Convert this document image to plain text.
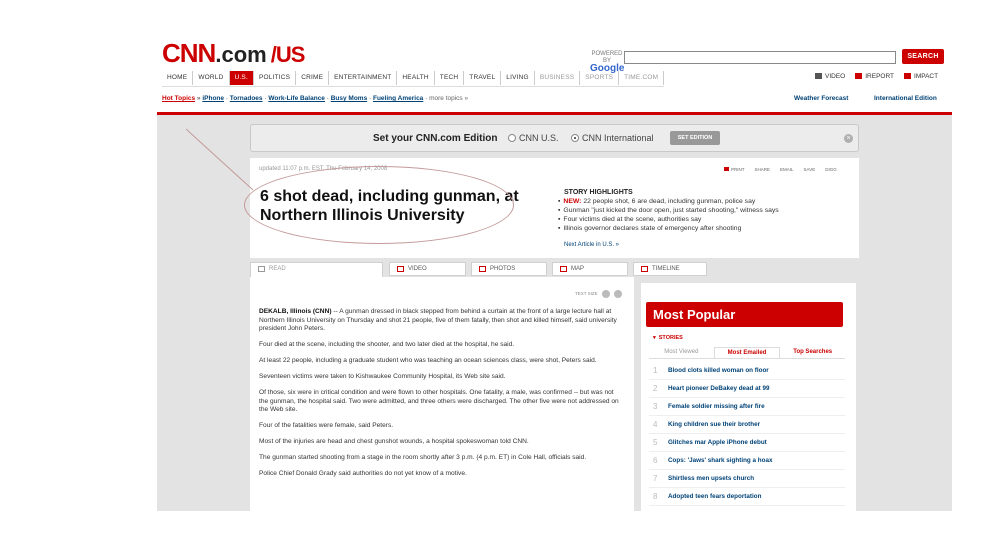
CNN.com /US	POWERED BY
Google
SEARCH
HOME	WORLD	U.S.	POLITICS	CRIME	ENTERTAINMENT	HEALTH	TECH	TRAVEL	LIVING	BUSINESS	SPORTS	TIME.COM	VIDEO	IREPORT	IMPACT
Hot Topics » iPhone · Tornadoes · Work-Life Balance · Busy Moms · Fueling America · more topics »	Weather Forecast	International Edition
Set your CNN.com Edition CNN U.S.	CNN International	SET EDITION	×
updated 11:07 p.m. EST, Thu February 14, 2008
6 shot dead, including gunman, at Northern Illinois University
PRINT SHARE EMAIL SAVE DIGG
STORY HIGHLIGHTS
▪ NEW: 22 people shot, 6 are dead, including gunman, police say
▪ Gunman "just kicked the door open, just started shooting," witness says
▪ Four victims died at the scene, authorities say
▪ Illinois governor declares state of emergency after shooting
Next Article in U.S. »
READ	VIDEO	PHOTOS	MAP	TIMELINE
TEXT SIZE

DEKALB, Illinois (CNN) -- A gunman dressed in black stepped from behind a curtain at the front of a large lecture hall at Northern Illinois University on Thursday and shot 21 people, five of them fatally, then shot and killed himself, said university president John Peters.

Four died at the scene, including the shooter, and two later died at the hospital, he said.

At least 22 people, including a graduate student who was teaching an ocean sciences class, were shot, Peters said.

Seventeen victims were taken to Kishwaukee Community Hospital, its Web site said.

Of those, six were in critical condition and were flown to other hospitals. One fatality, a male, was confirmed -- but was not the gunman, the hospital said. Two were admitted, and three others were discharged. The other five were not addressed on the Web site.

Four of the fatalities were female, said Peters.

Most of the injuries are head and chest gunshot wounds, a hospital spokeswoman told CNN.

The gunman started shooting from a stage in the room shortly after 3 p.m. (4 p.m. ET) in Cole Hall, officials said.

Police Chief Donald Grady said authorities do not yet know of a motive.

Most Popular
▾ STORIES
Most Viewed	Most Emailed	Top Searches
1 Blood clots killed woman on floor
2 Heart pioneer DeBakey dead at 99
3 Female soldier missing after fire
4 King children sue their brother
5 Glitches mar Apple iPhone debut
6 Cops: 'Jaws' shark sighting a hoax
7 Shirtless men upsets church
8 Adopted teen fears deportation
